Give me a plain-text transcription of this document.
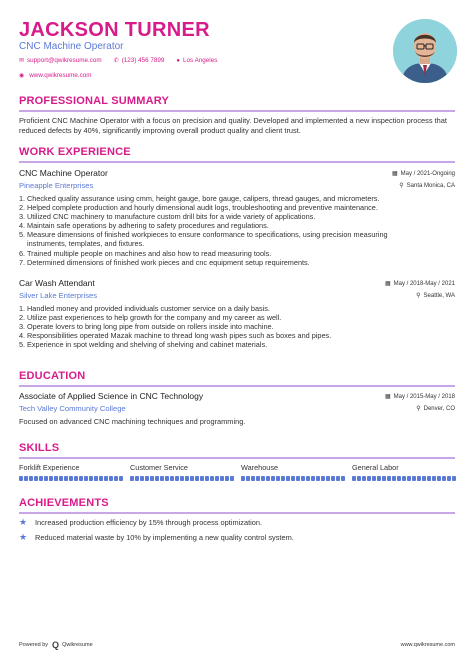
JACKSON TURNER
CNC Machine Operator
✉ support@qwikresume.com ✆ (123) 456 7899 ● Los Angeles
◉ www.qwikresume.com
PROFESSIONAL SUMMARY
Proficient CNC Machine Operator with a focus on precision and quality. Developed and implemented a new inspection process that reduced defects by 40%, significantly improving overall product quality and client trust.
WORK EXPERIENCE
CNC Machine Operator	▦ May / 2021-Ongoing
Pineapple Enterprises	⚲ Santa Monica, CA
1. Checked quality assurance using cmm, height gauge, bore gauge, calipers, thread gauges, and micrometers.
2. Helped complete production and hourly dimensional audit logs, troubleshooting and preventive maintenance.
3. Utilized CNC machinery to manufacture custom drill bits for a wide variety of applications.
4. Maintain safe operations by adhering to safety procedures and regulations.
5. Measure dimensions of finished workpieces to ensure conformance to specifications, using precision measuring
instruments, templates, and fixtures.
6. Trained multiple people on machines and also how to read measuring tools.
7. Determined dimensions of finished work pieces and cnc equipment setup requirements.
Car Wash Attendant	▦ May / 2018-May / 2021
Silver Lake Enterprises	⚲ Seattle, WA
1. Handled money and provided individuals customer service on a daily basis.
2. Utilize past experiences to help growth for the company and my career as well.
3. Operate lovers to bring long pipe from outside on rollers inside into machine.
4. Responsibilities operated Mazak machine to thread long wash pipes such as boxes and pipes.
5. Experience in spot welding and shelving of shelving and cabinet materials.
EDUCATION
Associate of Applied Science in CNC Technology	▦ May / 2015-May / 2018
Tech Valley Community College	⚲ Denver, CO
Focused on advanced CNC machining techniques and programming.
SKILLS
Forklift Experience	Customer Service	Warehouse	General Labor
ACHIEVEMENTS
★	Increased production efficiency by 15% through process optimization.
★	Reduced material waste by 10% by implementing a new quality control system.
Powered by Q Qwikresume	www.qwikresume.com
